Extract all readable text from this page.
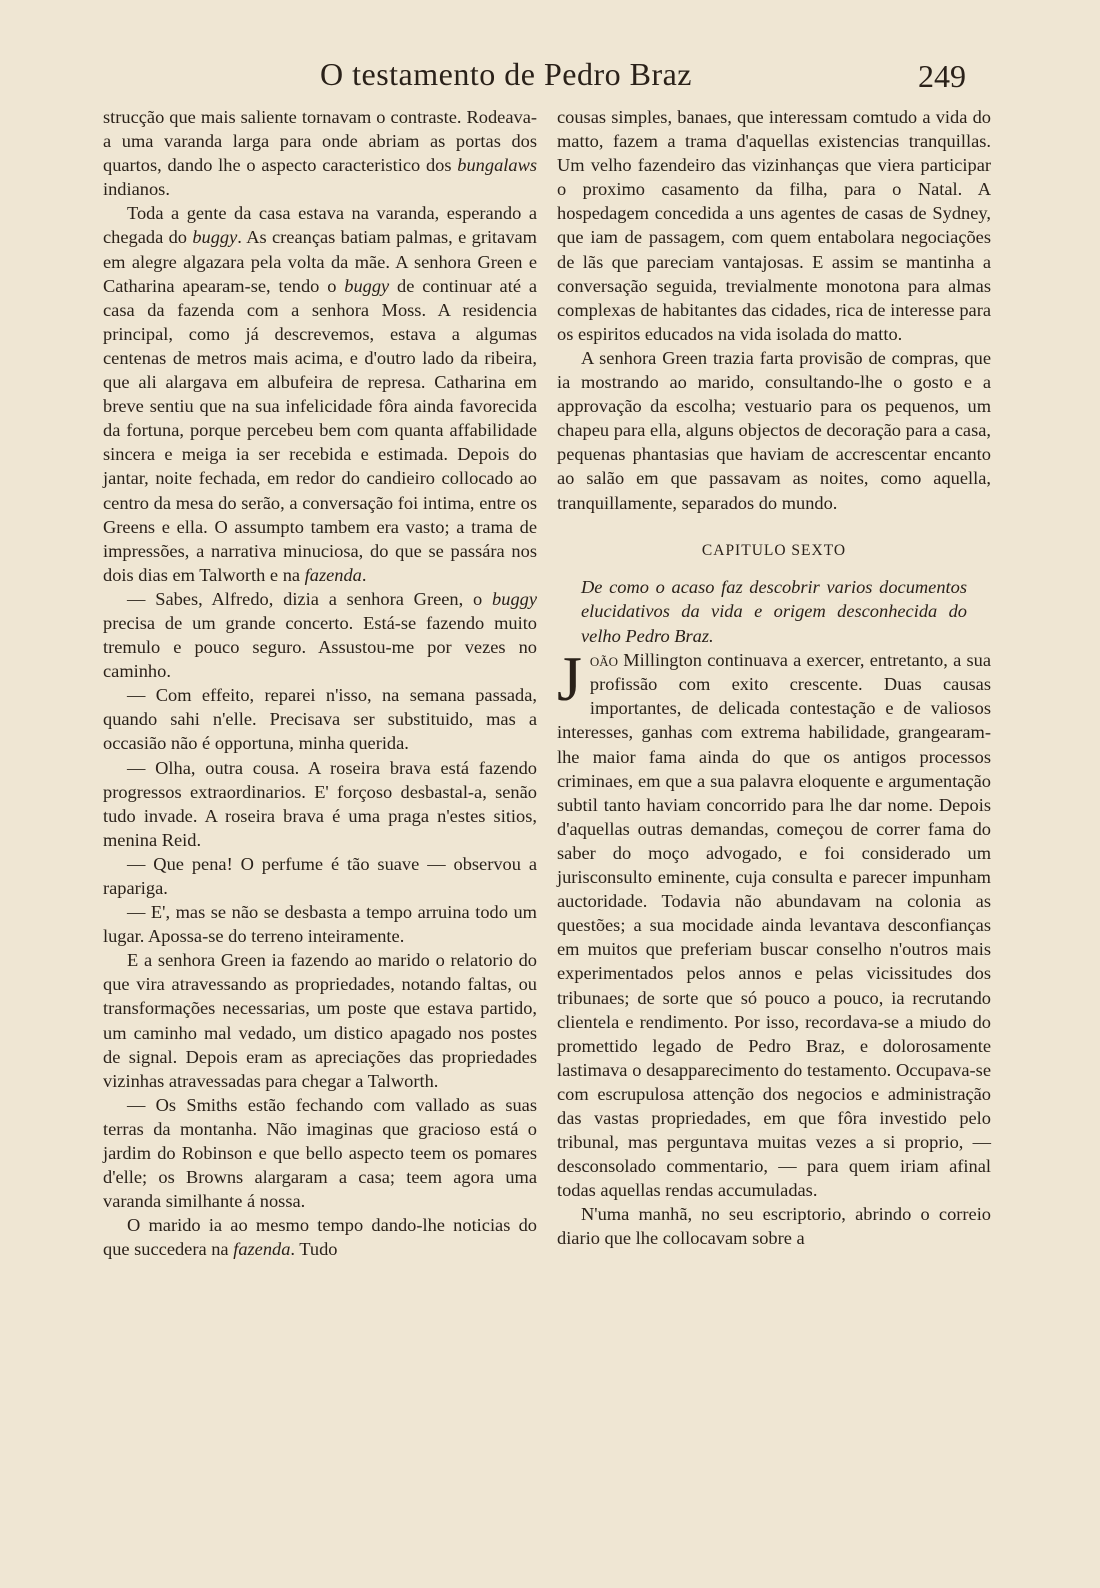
O testamento de Pedro Braz	249

strucção que mais saliente tornavam o contraste. Rodeava-a uma varanda larga para onde abriam as portas dos quartos, dando lhe o aspecto caracteristico dos bungalaws indianos.

Toda a gente da casa estava na varanda, esperando a chegada do buggy. As creanças batiam palmas, e gritavam em alegre algazara pela volta da mãe. A senhora Green e Catharina apearam-se, tendo o buggy de continuar até a casa da fazenda com a senhora Moss. A residencia principal, como já descrevemos, estava a algumas centenas de metros mais acima, e d'outro lado da ribeira, que ali alargava em albufeira de represa. Catharina em breve sentiu que na sua infelicidade fôra ainda favorecida da fortuna, porque percebeu bem com quanta affabilidade sincera e meiga ia ser recebida e estimada. Depois do jantar, noite fechada, em redor do candieiro collocado ao centro da mesa do serão, a conversação foi intima, entre os Greens e ella. O assumpto tambem era vasto; a trama de impressões, a narrativa minuciosa, do que se passára nos dois dias em Talworth e na fazenda.

— Sabes, Alfredo, dizia a senhora Green, o buggy precisa de um grande concerto. Está-se fazendo muito tremulo e pouco seguro. Assustou-me por vezes no caminho.

— Com effeito, reparei n'isso, na semana passada, quando sahi n'elle. Precisava ser substituido, mas a occasião não é opportuna, minha querida.

— Olha, outra cousa. A roseira brava está fazendo progressos extraordinarios. E' forçoso desbastal-a, senão tudo invade. A roseira brava é uma praga n'estes sitios, menina Reid.

— Que pena! O perfume é tão suave — observou a rapariga.

— E', mas se não se desbasta a tempo arruina todo um lugar. Apossa-se do terreno inteiramente.

E a senhora Green ia fazendo ao marido o relatorio do que vira atravessando as propriedades, notando faltas, ou transformações necessarias, um poste que estava partido, um caminho mal vedado, um distico apagado nos postes de signal. Depois eram as apreciações das propriedades vizinhas atravessadas para chegar a Talworth.

— Os Smiths estão fechando com vallado as suas terras da montanha. Não imaginas que gracioso está o jardim do Robinson e que bello aspecto teem os pomares d'elle; os Browns alargaram a casa; teem agora uma varanda similhante á nossa.

O marido ia ao mesmo tempo dando-lhe noticias do que succedera na fazenda. Tudo

cousas simples, banaes, que interessam comtudo a vida do matto, fazem a trama d'aquellas existencias tranquillas. Um velho fazendeiro das vizinhanças que viera participar o proximo casamento da filha, para o Natal. A hospedagem concedida a uns agentes de casas de Sydney, que iam de passagem, com quem entabolara negociações de lãs que pareciam vantajosas. E assim se mantinha a conversação seguida, trevialmente monotona para almas complexas de habitantes das cidades, rica de interesse para os espiritos educados na vida isolada do matto.

A senhora Green trazia farta provisão de compras, que ia mostrando ao marido, consultando-lhe o gosto e a approvação da escolha; vestuario para os pequenos, um chapeu para ella, alguns objectos de decoração para a casa, pequenas phantasias que haviam de accrescentar encanto ao salão em que passavam as noites, como aquella, tranquillamente, separados do mundo.

CAPITULO SEXTO

De como o acaso faz descobrir varios documentos elucidativos da vida e origem desconhecida do velho Pedro Braz.

João Millington continuava a exercer, entretanto, a sua profissão com exito crescente. Duas causas importantes, de delicada contestação e de valiosos interesses, ganhas com extrema habilidade, grangearam-lhe maior fama ainda do que os antigos processos criminaes, em que a sua palavra eloquente e argumentação subtil tanto haviam concorrido para lhe dar nome. Depois d'aquellas outras demandas, começou de correr fama do saber do moço advogado, e foi considerado um jurisconsulto eminente, cuja consulta e parecer impunham auctoridade. Todavia não abundavam na colonia as questões; a sua mocidade ainda levantava desconfianças em muitos que preferiam buscar conselho n'outros mais experimentados pelos annos e pelas vicissitudes dos tribunaes; de sorte que só pouco a pouco, ia recrutando clientela e rendimento. Por isso, recordava-se a miudo do promettido legado de Pedro Braz, e dolorosamente lastimava o desapparecimento do testamento. Occupava-se com escrupulosa attenção dos negocios e administração das vastas propriedades, em que fôra investido pelo tribunal, mas perguntava muitas vezes a si proprio, — desconsolado commentario, — para quem iriam afinal todas aquellas rendas accumuladas.

N'uma manhã, no seu escriptorio, abrindo o correio diario que lhe collocavam sobre a
